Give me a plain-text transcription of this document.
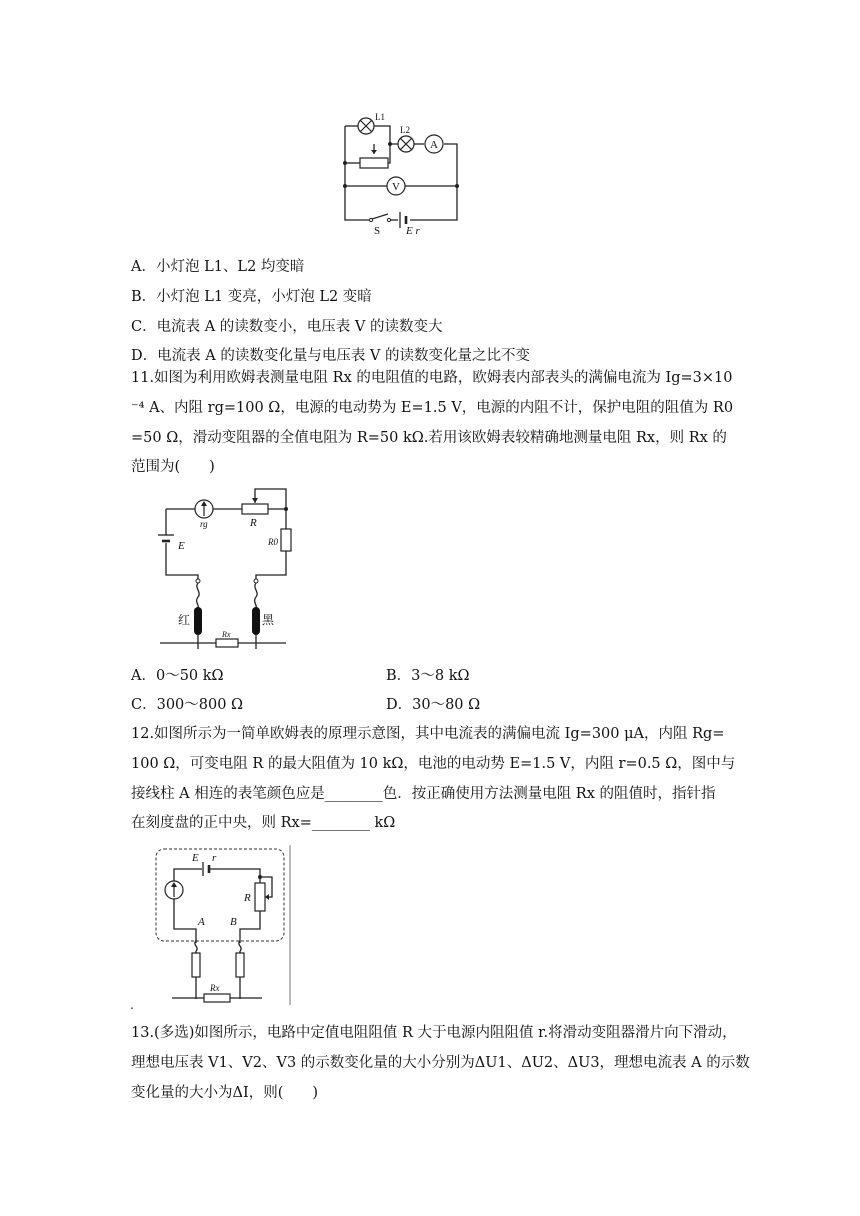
L1
L2
A
V
S E r
A．小灯泡 L1、L2 均变暗
B．小灯泡 L1 变亮，小灯泡 L2 变暗
C．电流表 A 的读数变小，电压表 V 的读数变大
D．电流表 A 的读数变化量与电压表 V 的读数变化量之比不变
11.如图为利用欧姆表测量电阻 Rx 的电阻值的电路，欧姆表内部表头的满偏电流为 Ig=3×10
⁻⁴ A、内阻 rg=100 Ω，电源的电动势为 E=1.5 V，电源的内阻不计，保护电阻的阻值为 R0
=50 Ω，滑动变阻器的全值电阻为 R=50 kΩ.若用该欧姆表较精确地测量电阻 Rx，则 Rx 的
范围为(　　)
E
rg	R
R0
红	黑
Rx
A．0～50 kΩ	B．3～8 kΩ
C．300～800 Ω	D．30～80 Ω
12.如图所示为一简单欧姆表的原理示意图，其中电流表的满偏电流 Ig=300 μA，内阻 Rg=
100 Ω，可变电阻 R 的最大阻值为 10 kΩ，电池的电动势 E=1.5 V，内阻 r=0.5 Ω，图中与
接线柱 A 相连的表笔颜色应是________色．按正确使用方法测量电阻 Rx 的阻值时，指针指
在刻度盘的正中央，则 Rx=________ kΩ
E r
R
A B
Rx
.
13.(多选)如图所示，电路中定值电阻阻值 R 大于电源内阻阻值 r.将滑动变阻器滑片向下滑动，
理想电压表 V1、V2、V3 的示数变化量的大小分别为ΔU1、ΔU2、ΔU3，理想电流表 A 的示数
变化量的大小为ΔI，则(　　)
